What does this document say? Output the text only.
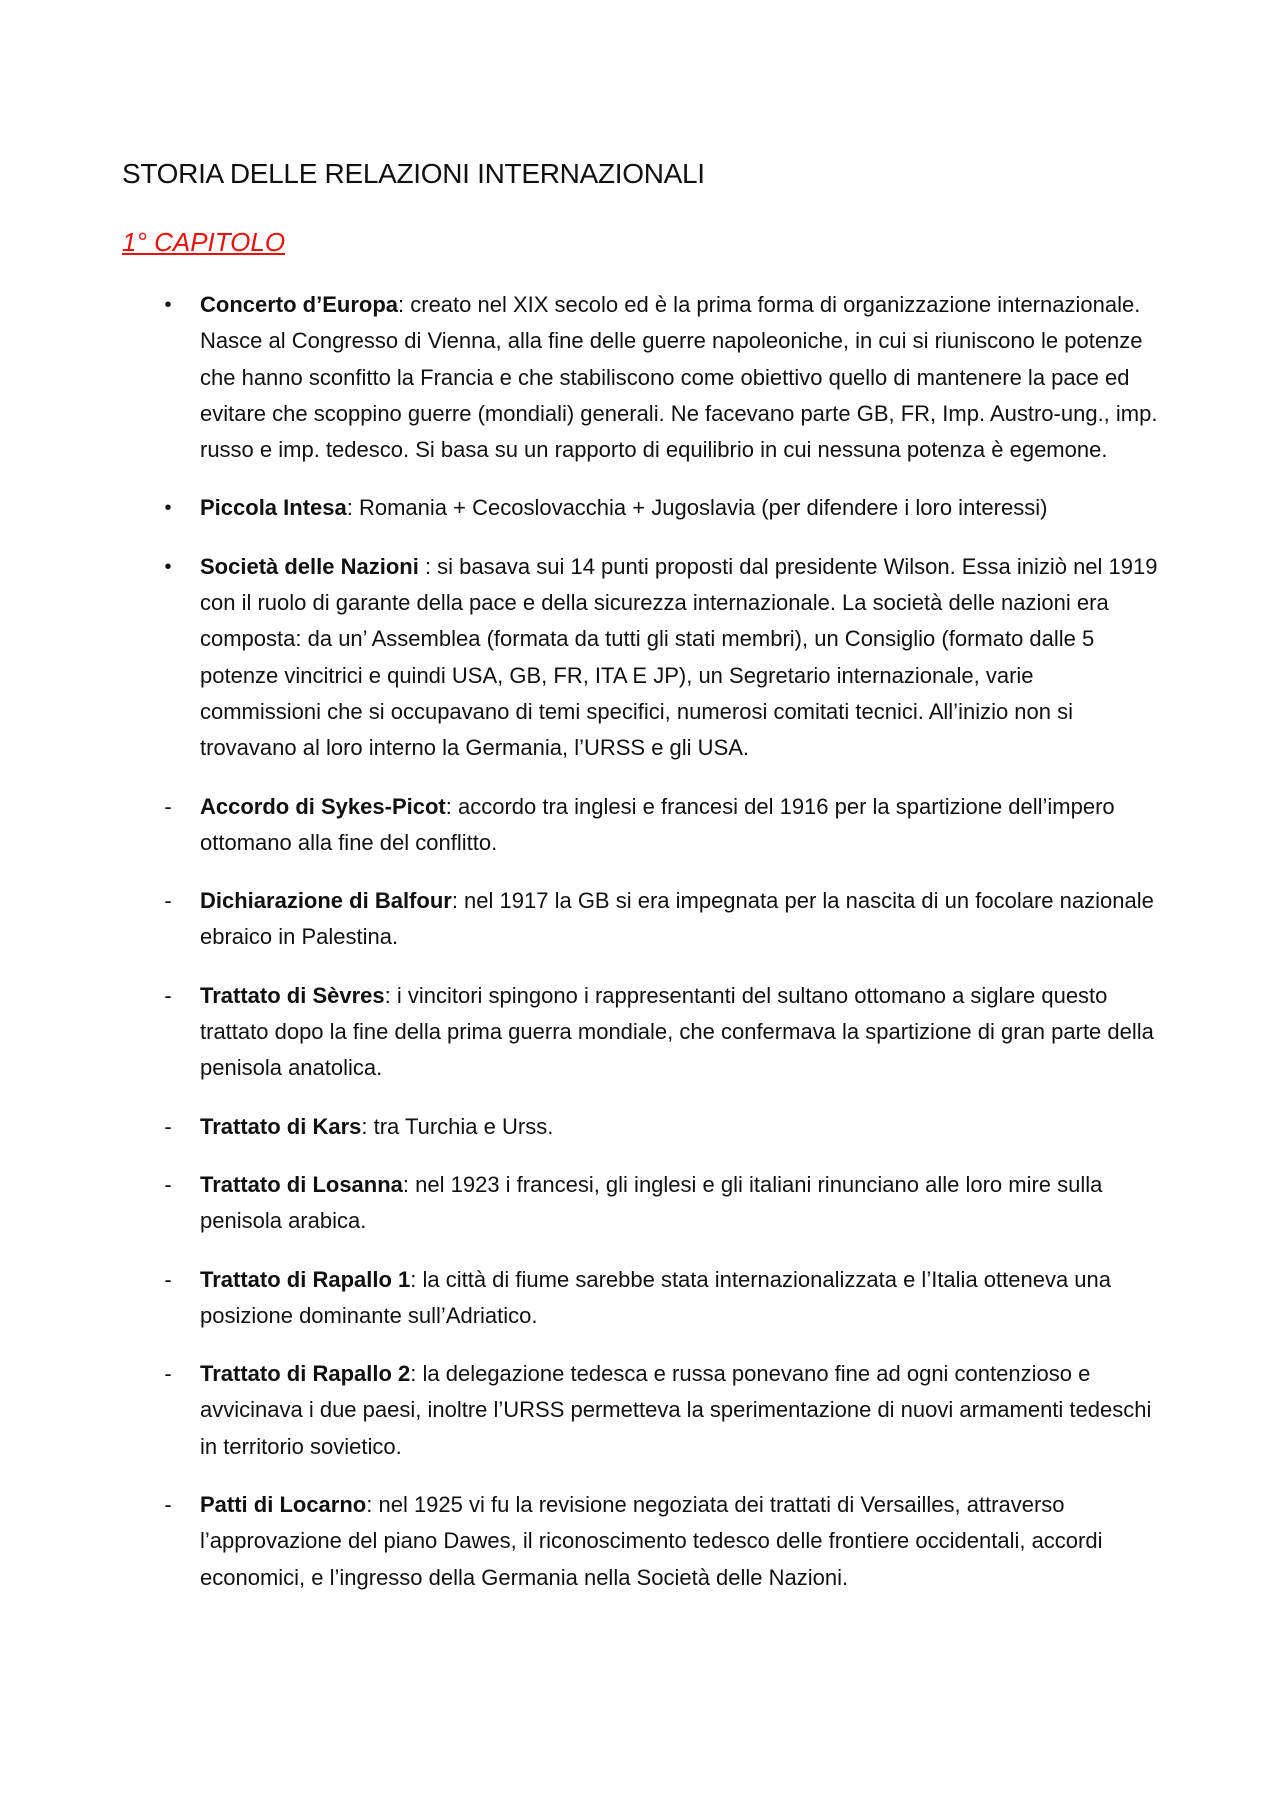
STORIA DELLE RELAZIONI INTERNAZIONALI
1° CAPITOLO
• Concerto d’Europa: creato nel XIX secolo ed è la prima forma di organizzazione internazionale. Nasce al Congresso di Vienna, alla fine delle guerre napoleoniche, in cui si riuniscono le potenze che hanno sconfitto la Francia e che stabiliscono come obiettivo quello di mantenere la pace ed evitare che scoppino guerre (mondiali) generali. Ne facevano parte GB, FR, Imp. Austro-ung., imp. russo e imp. tedesco. Si basa su un rapporto di equilibrio in cui nessuna potenza è egemone.
• Piccola Intesa: Romania + Cecoslovacchia + Jugoslavia (per difendere i loro interessi)
• Società delle Nazioni : si basava sui 14 punti proposti dal presidente Wilson. Essa iniziò nel 1919 con il ruolo di garante della pace e della sicurezza internazionale. La società delle nazioni era composta: da un’ Assemblea (formata da tutti gli stati membri), un Consiglio (formato dalle 5 potenze vincitrici e quindi USA, GB, FR, ITA E JP), un Segretario internazionale, varie commissioni che si occupavano di temi specifici, numerosi comitati tecnici. All’inizio non si trovavano al loro interno la Germania, l’URSS e gli USA.
- Accordo di Sykes-Picot: accordo tra inglesi e francesi del 1916 per la spartizione dell’impero ottomano alla fine del conflitto.
- Dichiarazione di Balfour: nel 1917 la GB si era impegnata per la nascita di un focolare nazionale ebraico in Palestina.
- Trattato di Sèvres: i vincitori spingono i rappresentanti del sultano ottomano a siglare questo trattato dopo la fine della prima guerra mondiale, che confermava la spartizione di gran parte della penisola anatolica.
- Trattato di Kars: tra Turchia e Urss.
- Trattato di Losanna: nel 1923 i francesi, gli inglesi e gli italiani rinunciano alle loro mire sulla penisola arabica.
- Trattato di Rapallo 1: la città di fiume sarebbe stata internazionalizzata e l’Italia otteneva una posizione dominante sull’Adriatico.
- Trattato di Rapallo 2: la delegazione tedesca e russa ponevano fine ad ogni contenzioso e avvicinava i due paesi, inoltre l’URSS permetteva la sperimentazione di nuovi armamenti tedeschi in territorio sovietico.
- Patti di Locarno: nel 1925 vi fu la revisione negoziata dei trattati di Versailles, attraverso l’approvazione del piano Dawes, il riconoscimento tedesco delle frontiere occidentali, accordi economici, e l’ingresso della Germania nella Società delle Nazioni.
